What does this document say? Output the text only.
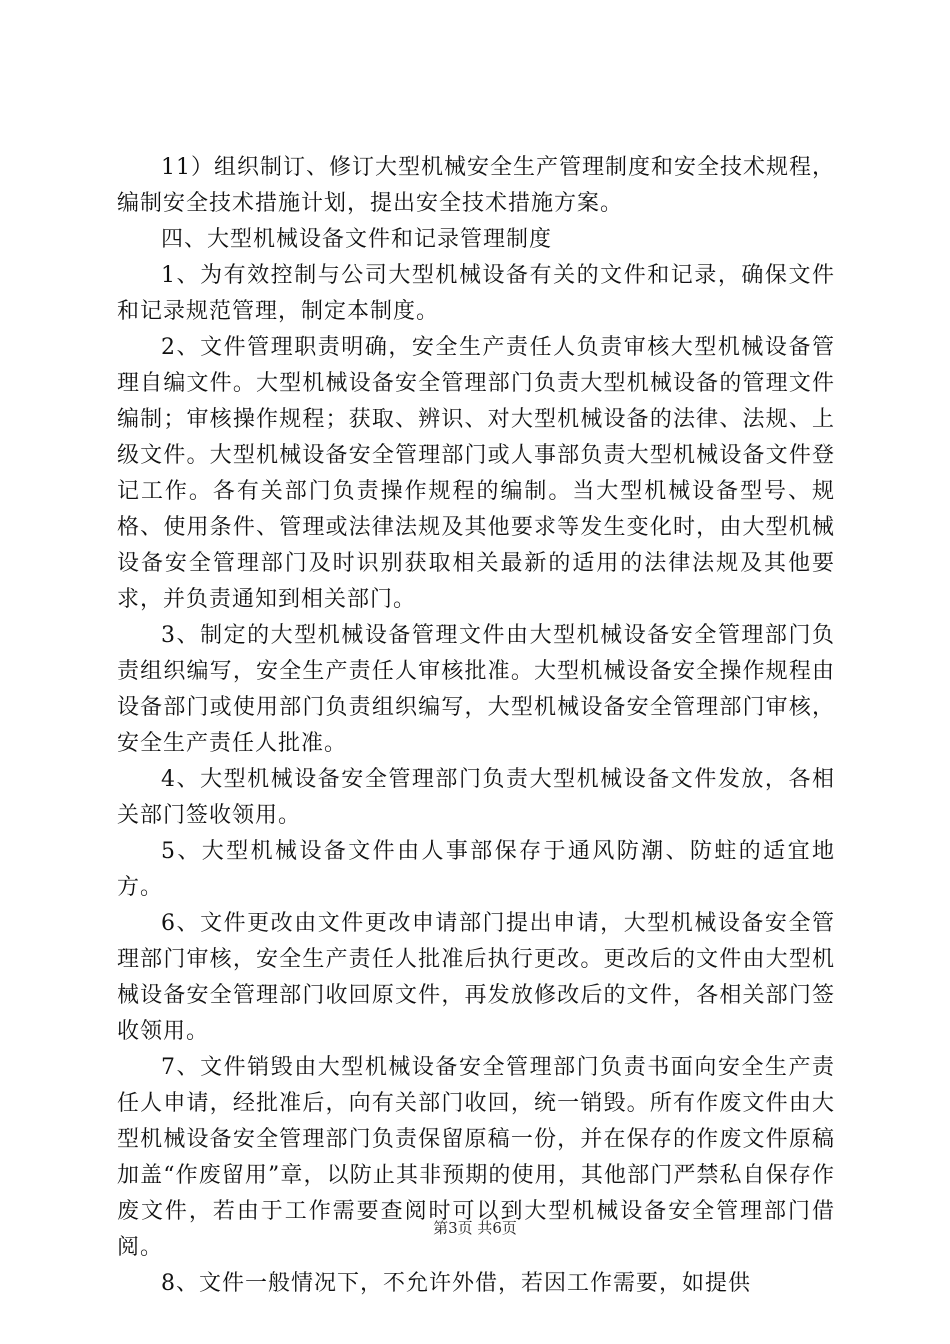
11）组织制订、修订大型机械安全生产管理制度和安全技术规程，编制安全技术措施计划，提出安全技术措施方案。

四、大型机械设备文件和记录管理制度

1、为有效控制与公司大型机械设备有关的文件和记录，确保文件和记录规范管理，制定本制度。

2、文件管理职责明确，安全生产责任人负责审核大型机械设备管理自编文件。大型机械设备安全管理部门负责大型机械设备的管理文件编制；审核操作规程；获取、辨识、对大型机械设备的法律、法规、上级文件。大型机械设备安全管理部门或人事部负责大型机械设备文件登记工作。各有关部门负责操作规程的编制。当大型机械设备型号、规格、使用条件、管理或法律法规及其他要求等发生变化时，由大型机械设备安全管理部门及时识别获取相关最新的适用的法律法规及其他要求，并负责通知到相关部门。

3、制定的大型机械设备管理文件由大型机械设备安全管理部门负责组织编写，安全生产责任人审核批准。大型机械设备安全操作规程由设备部门或使用部门负责组织编写，大型机械设备安全管理部门审核，安全生产责任人批准。

4、大型机械设备安全管理部门负责大型机械设备文件发放，各相关部门签收领用。

5、大型机械设备文件由人事部保存于通风防潮、防蛀的适宜地方。

6、文件更改由文件更改申请部门提出申请，大型机械设备安全管理部门审核，安全生产责任人批准后执行更改。更改后的文件由大型机械设备安全管理部门收回原文件，再发放修改后的文件，各相关部门签收领用。

7、文件销毁由大型机械设备安全管理部门负责书面向安全生产责任人申请，经批准后，向有关部门收回，统一销毁。所有作废文件由大型机械设备安全管理部门负责保留原稿一份，并在保存的作废文件原稿加盖“作废留用”章，以防止其非预期的使用，其他部门严禁私自保存作废文件，若由于工作需要查阅时可以到大型机械设备安全管理部门借阅。

8、文件一般情况下，不允许外借，若因工作需要，如提供

第3页 共6页
